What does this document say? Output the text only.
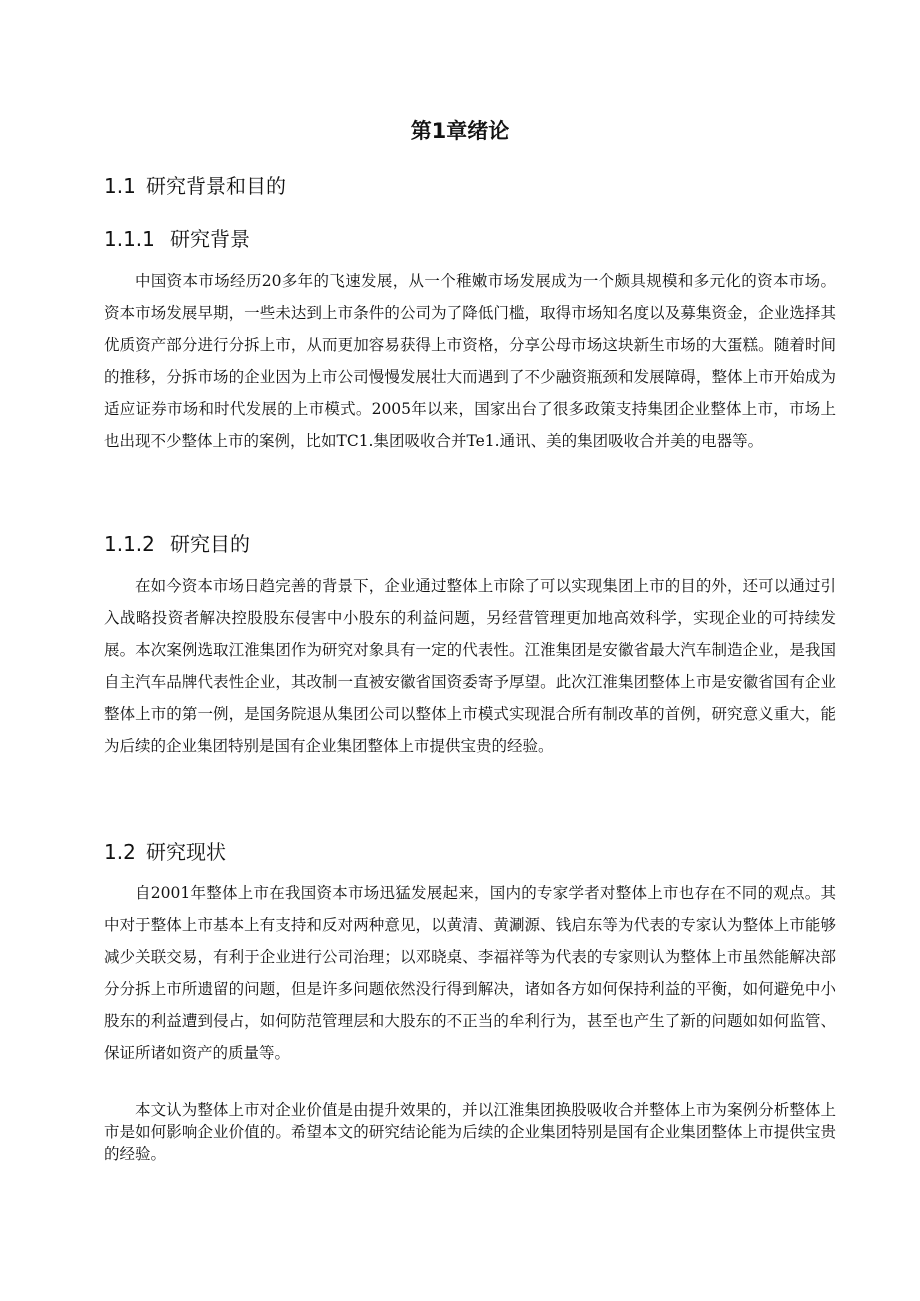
第1章绪论
1.1 研究背景和目的
1.1.1 研究背景

中国资本市场经历20多年的飞速发展，从一个稚嫩市场发展成为一个颇具规模和多元化的资本市场。资本市场发展早期，一些未达到上市条件的公司为了降低门槛，取得市场知名度以及募集资金，企业选择其优质资产部分进行分拆上市，从而更加容易获得上市资格，分享公母市场这块新生市场的大蛋糕。随着时间的推移，分拆市场的企业因为上市公司慢慢发展壮大而遇到了不少融资瓶颈和发展障碍，整体上市开始成为适应证券市场和时代发展的上市模式。2005年以来，国家出台了很多政策支持集团企业整体上市，市场上也出现不少整体上市的案例，比如TC1.集团吸收合并Te1.通讯、美的集团吸收合并美的电器等。

1.1.2 研究目的

在如今资本市场日趋完善的背景下，企业通过整体上市除了可以实现集团上市的目的外，还可以通过引入战略投资者解决控股股东侵害中小股东的利益问题，另经营管理更加地高效科学，实现企业的可持续发展。本次案例选取江淮集团作为研究对象具有一定的代表性。江淮集团是安徽省最大汽车制造企业，是我国自主汽车品牌代表性企业，其改制一直被安徽省国资委寄予厚望。此次江淮集团整体上市是安徽省国有企业整体上市的第一例，是国务院退从集团公司以整体上市模式实现混合所有制改革的首例，研究意义重大，能为后续的企业集团特别是国有企业集团整体上市提供宝贵的经验。

1.2 研究现状

自2001年整体上市在我国资本市场迅猛发展起来，国内的专家学者对整体上市也存在不同的观点。其中对于整体上市基本上有支持和反对两种意见，以黄清、黄涮源、钱启东等为代表的专家认为整体上市能够减少关联交易，有利于企业进行公司治理；以邓晓桌、李福祥等为代表的专家则认为整体上市虽然能解决部分分拆上市所遗留的问题，但是许多问题依然没行得到解决，诸如各方如何保持利益的平衡，如何避免中小股东的利益遭到侵占，如何防范管理层和大股东的不正当的牟利行为，甚至也产生了新的问题如如何监管、保证所诸如资产的质量等。

本文认为整体上市对企业价值是由提升效果的，并以江淮集团换股吸收合并整体上市为案例分析整体上市是如何影响企业价值的。希望本文的研究结论能为后续的企业集团特别是国有企业集团整体上市提供宝贵的经验。
